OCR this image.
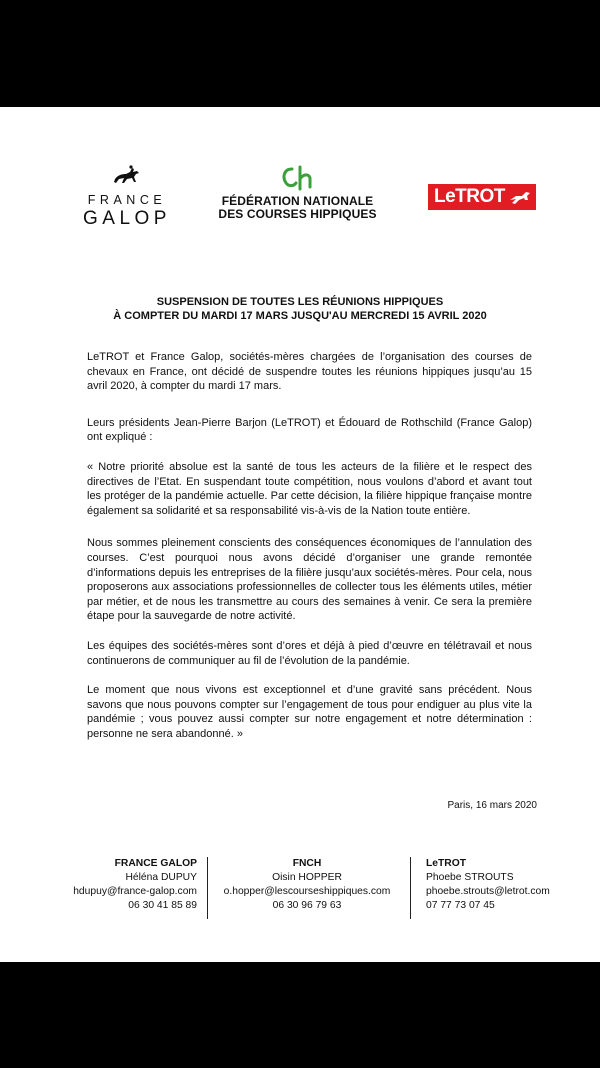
FRANCE
GALOP
FÉDÉRATION NATIONALE
DES COURSES HIPPIQUES
LeTROT
SUSPENSION DE TOUTES LES RÉUNIONS HIPPIQUES
À COMPTER DU MARDI 17 MARS JUSQU'AU MERCREDI 15 AVRIL 2020

LeTROT et France Galop, sociétés-mères chargées de l’organisation des courses de chevaux en France, ont décidé de suspendre toutes les réunions hippiques jusqu’au 15 avril 2020, à compter du mardi 17 mars.

Leurs présidents Jean-Pierre Barjon (LeTROT) et Édouard de Rothschild (France Galop) ont expliqué :

« Notre priorité absolue est la santé de tous les acteurs de la filière et le respect des directives de l’Etat. En suspendant toute compétition, nous voulons d’abord et avant tout les protéger de la pandémie actuelle. Par cette décision, la filière hippique française montre également sa solidarité et sa responsabilité vis-à-vis de la Nation toute entière.

Nous sommes pleinement conscients des conséquences économiques de l’annulation des courses. C’est pourquoi nous avons décidé d’organiser une grande remontée d’informations depuis les entreprises de la filière jusqu’aux sociétés-mères. Pour cela, nous proposerons aux associations professionnelles de collecter tous les éléments utiles, métier par métier, et de nous les transmettre au cours des semaines à venir. Ce sera la première étape pour la sauvegarde de notre activité.

Les équipes des sociétés-mères sont d’ores et déjà à pied d’œuvre en télétravail et nous continuerons de communiquer au fil de l’évolution de la pandémie.

Le moment que nous vivons est exceptionnel et d’une gravité sans précédent. Nous savons que nous pouvons compter sur l’engagement de tous pour endiguer au plus vite la pandémie ; vous pouvez aussi compter sur notre engagement et notre détermination : personne ne sera abandonné. »

Paris, 16 mars 2020
FRANCE GALOP
Héléna DUPUY
hdupuy@france-galop.com
06 30 41 85 89
FNCH
Oisin HOPPER
o.hopper@lescourseshippiques.com
06 30 96 79 63
LeTROT
Phoebe STROUTS
phoebe.strouts@letrot.com
07 77 73 07 45
